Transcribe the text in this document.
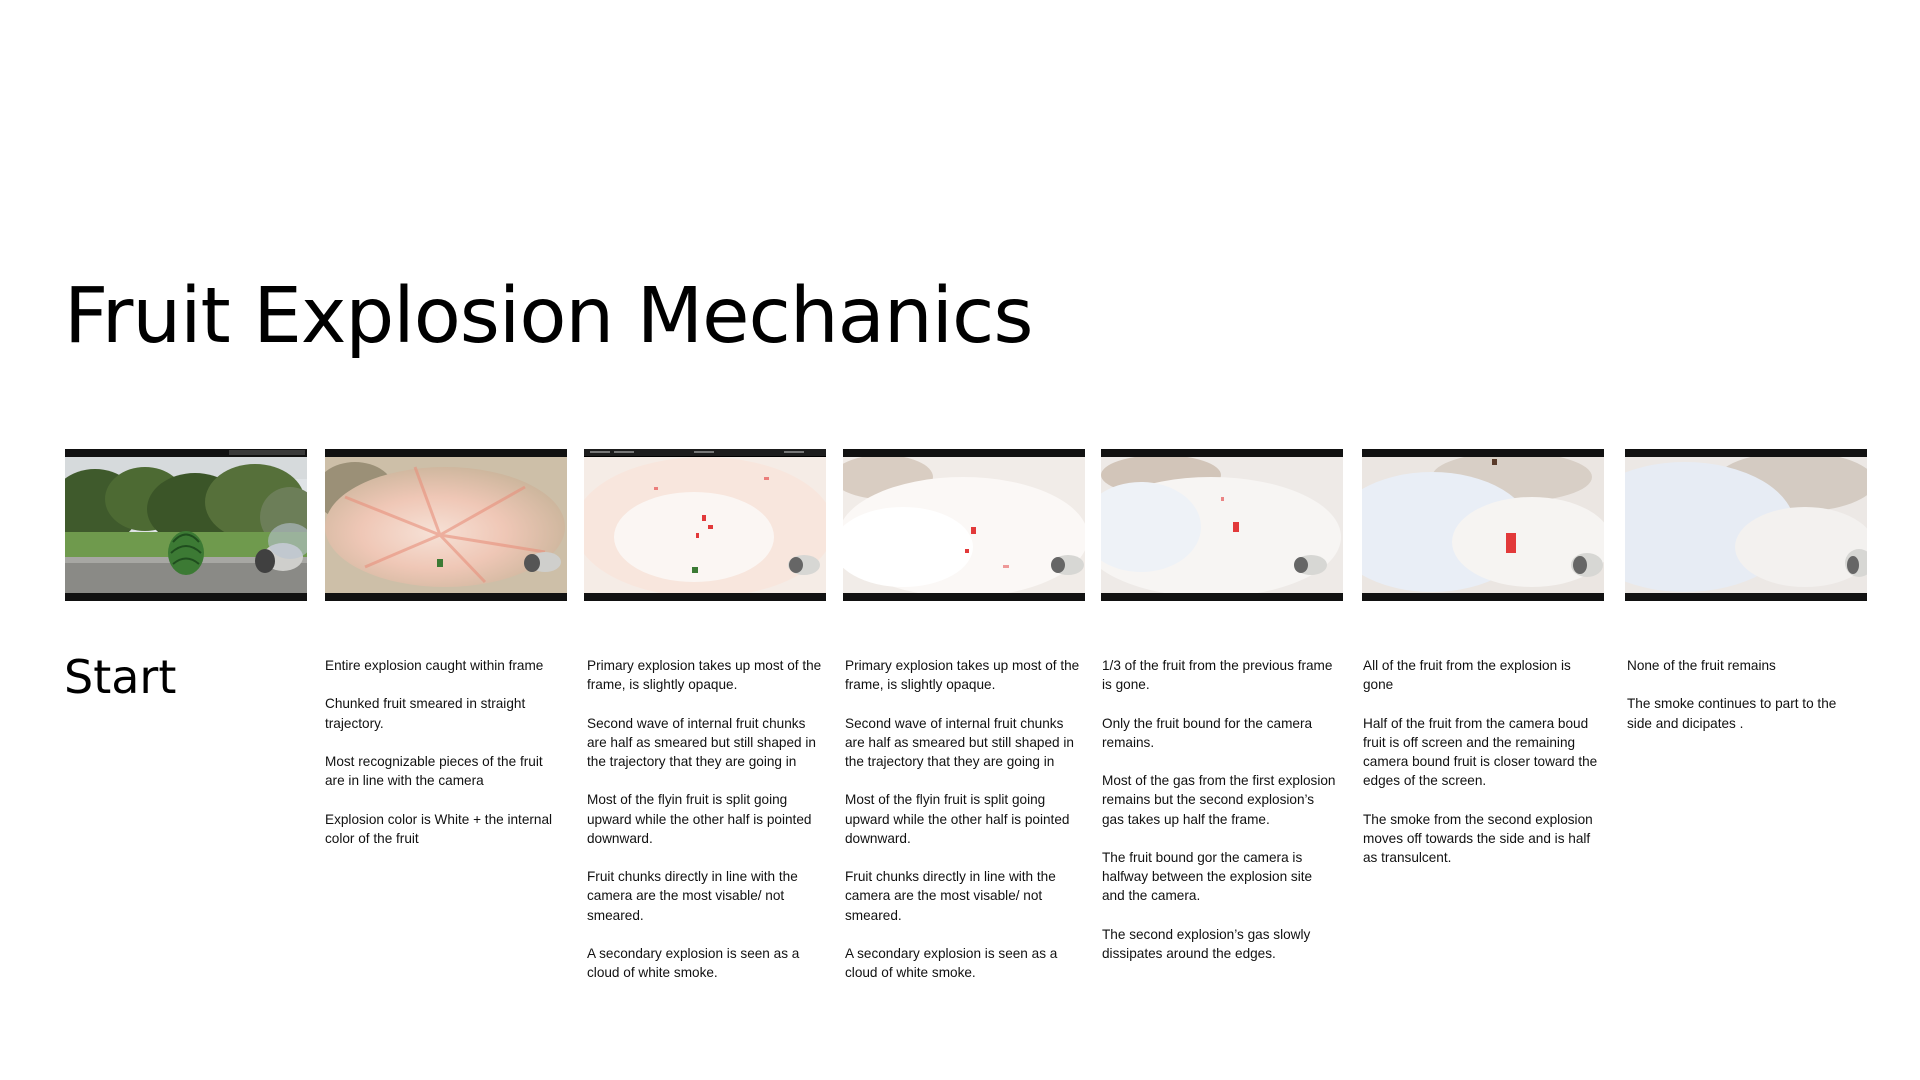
Fruit Explosion Mechanics
Start	Entire explosion caught within frame

Chunked fruit smeared in straight trajectory.

Most recognizable pieces of the fruit are in line with the camera

Explosion color is White + the internal color of the fruit

Primary explosion takes up most of the frame, is slightly opaque.

Second wave of internal fruit chunks are half as smeared but still shaped in the trajectory that they are going in

Most of the flyin fruit is split going upward while the other half is pointed downward.

Fruit chunks directly in line with the camera are the most visable/ not smeared.

A secondary explosion is seen as a cloud of white smoke.

Primary explosion takes up most of the frame, is slightly opaque.

Second wave of internal fruit chunks are half as smeared but still shaped in the trajectory that they are going in

Most of the flyin fruit is split going upward while the other half is pointed downward.

Fruit chunks directly in line with the camera are the most visable/ not smeared.

A secondary explosion is seen as a cloud of white smoke.

1/3 of the fruit from the previous frame is gone.

Only the fruit bound for the camera remains.

Most of the gas from the first explosion remains but the second explosion’s gas takes up half the frame.

The fruit bound gor the camera is halfway between the explosion site and the camera.

The second explosion’s gas slowly dissipates around the edges.

All of the fruit from the explosion is gone

Half of the fruit from the camera boud fruit is off screen and the remaining camera bound fruit is closer toward the edges of the screen.

The smoke from the second explosion moves off towards the side and is half as transulcent.

None of the fruit remains

The smoke continues to part to the side and dicipates .
